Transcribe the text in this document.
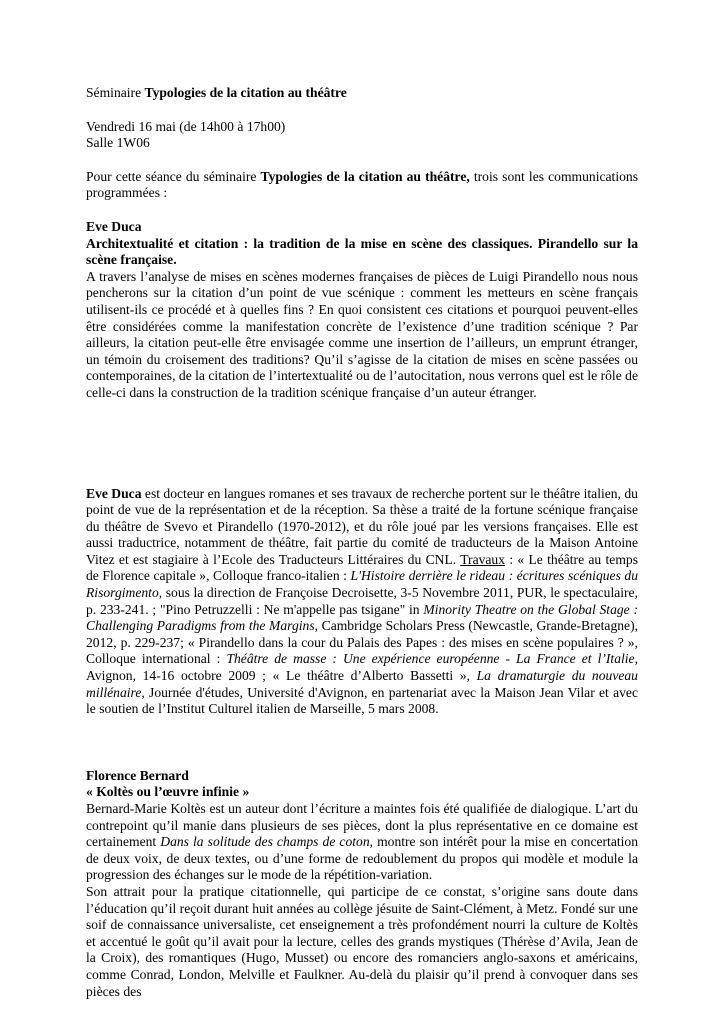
Séminaire Typologies de la citation au théâtre

Vendredi 16 mai (de 14h00 à 17h00)

Salle 1W06

Pour cette séance du séminaire Typologies de la citation au théâtre, trois sont les communications programmées :

Eve Duca

Architextualité et citation : la tradition de la mise en scène des classiques. Pirandello sur la scène française.

A travers l’analyse de mises en scènes modernes françaises de pièces de Luigi Pirandello nous nous pencherons sur la citation d’un point de vue scénique : comment les metteurs en scène français utilisent-ils ce procédé et à quelles fins ? En quoi consistent ces citations et pourquoi peuvent-elles être considérées comme la manifestation concrète de l’existence d’une tradition scénique ? Par ailleurs, la citation peut-elle être envisagée comme une insertion de l’ailleurs, un emprunt étranger, un témoin du croisement des traditions? Qu’il s’agisse de la citation de mises en scène passées ou contemporaines, de la citation de l’intertextualité ou de l’autocitation, nous verrons quel est le rôle de celle-ci dans la construction de la tradition scénique française d’un auteur étranger.

Eve Duca est docteur en langues romanes et ses travaux de recherche portent sur le théâtre italien, du point de vue de la représentation et de la réception. Sa thèse a traité de la fortune scénique française du théâtre de Svevo et Pirandello (1970-2012), et du rôle joué par les versions françaises. Elle est aussi traductrice, notamment de théâtre, fait partie du comité de traducteurs de la Maison Antoine Vitez et est stagiaire à l’Ecole des Traducteurs Littéraires du CNL. Travaux : « Le théâtre au temps de Florence capitale », Colloque franco-italien : L'Histoire derrière le rideau : écritures scéniques du Risorgimento, sous la direction de Françoise Decroisette, 3-5 Novembre 2011, PUR, le spectaculaire, p. 233-241. ; "Pino Petruzzelli : Ne m'appelle pas tsigane" in Minority Theatre on the Global Stage : Challenging Paradigms from the Margins, Cambridge Scholars Press (Newcastle, Grande-Bretagne), 2012, p. 229-237; « Pirandello dans la cour du Palais des Papes : des mises en scène populaires ? », Colloque international : Théâtre de masse : Une expérience européenne - La France et l’Italie, Avignon, 14-16 octobre 2009 ; « Le théâtre d’Alberto Bassetti », La dramaturgie du nouveau millénaire, Journée d'études, Université d'Avignon, en partenariat avec la Maison Jean Vilar et avec le soutien de l’Institut Culturel italien de Marseille, 5 mars 2008.

Florence Bernard

« Koltès ou l’œuvre infinie »

Bernard-Marie Koltès est un auteur dont l’écriture a maintes fois été qualifiée de dialogique. L’art du contrepoint qu’il manie dans plusieurs de ses pièces, dont la plus représentative en ce domaine est certainement Dans la solitude des champs de coton, montre son intérêt pour la mise en concertation de deux voix, de deux textes, ou d’une forme de redoublement du propos qui modèle et module la progression des échanges sur le mode de la répétition-variation.

Son attrait pour la pratique citationnelle, qui participe de ce constat, s’origine sans doute dans l’éducation qu’il reçoit durant huit années au collège jésuite de Saint-Clément, à Metz. Fondé sur une soif de connaissance universaliste, cet enseignement a très profondément nourri la culture de Koltès et accentué le goût qu’il avait pour la lecture, celles des grands mystiques (Thérèse d’Avila, Jean de la Croix), des romantiques (Hugo, Musset) ou encore des romanciers anglo-saxons et américains, comme Conrad, London, Melville et Faulkner. Au-delà du plaisir qu’il prend à convoquer dans ses pièces des
